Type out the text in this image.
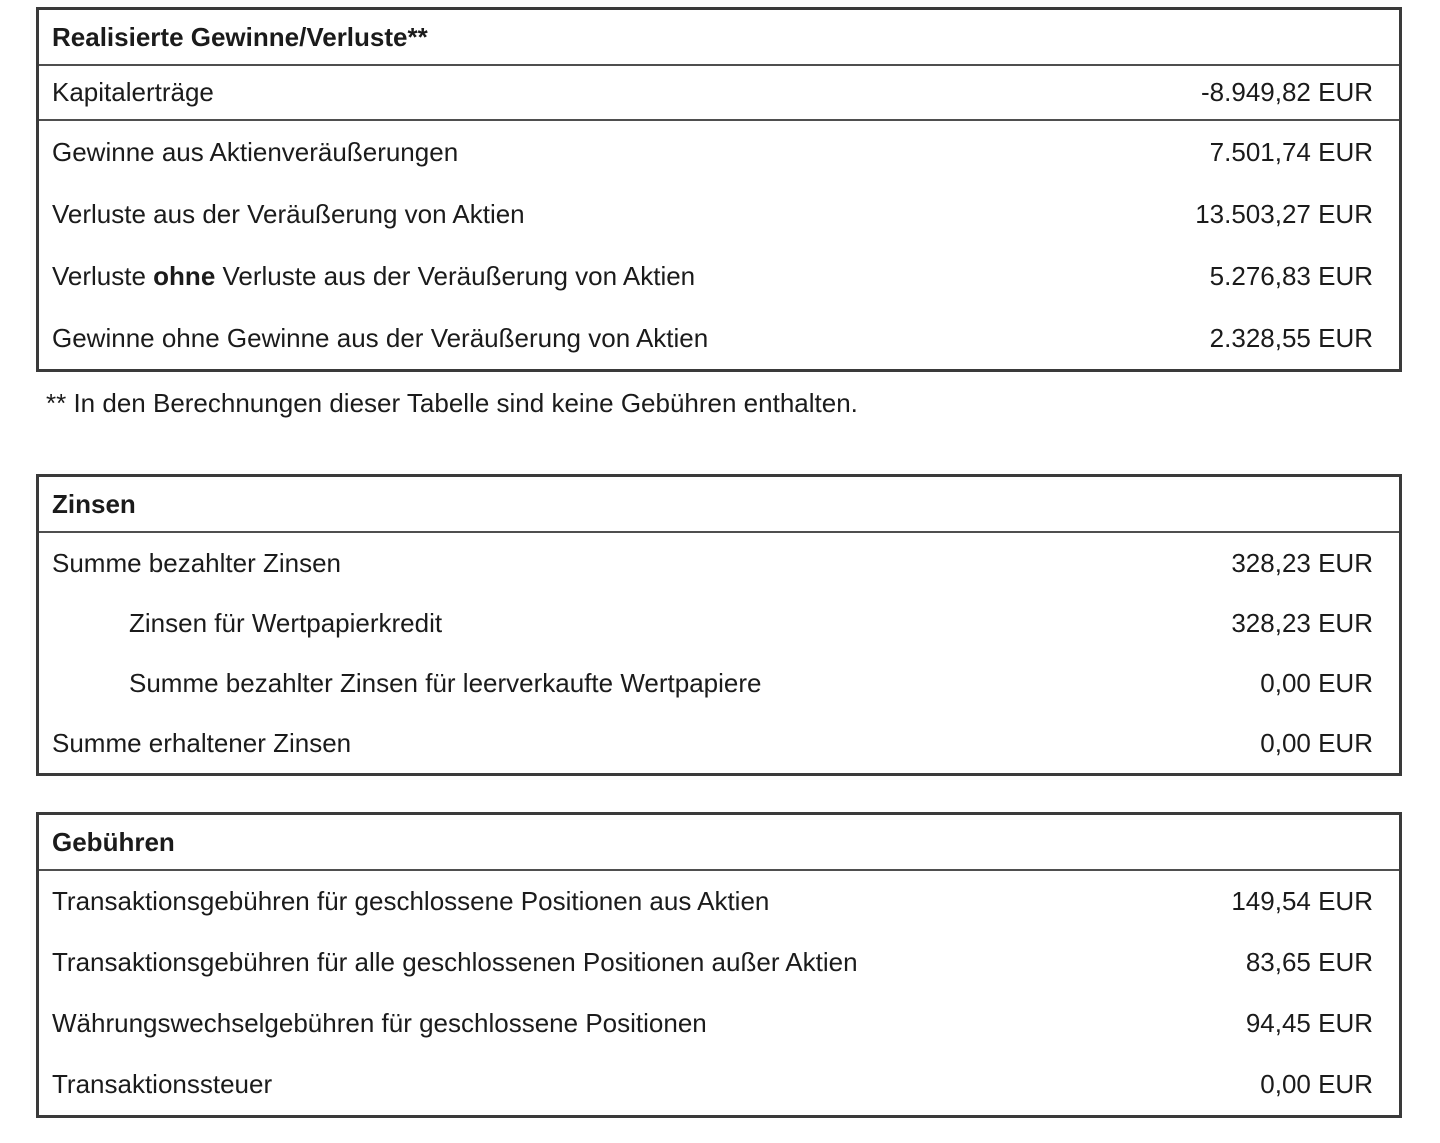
Realisierte Gewinne/Verluste**
Kapitalerträge	-8.949,82 EUR
Gewinne aus Aktienveräußerungen	7.501,74 EUR
Verluste aus der Veräußerung von Aktien	13.503,27 EUR
Verluste ohne Verluste aus der Veräußerung von Aktien	5.276,83 EUR
Gewinne ohne Gewinne aus der Veräußerung von Aktien	2.328,55 EUR

** In den Berechnungen dieser Tabelle sind keine Gebühren enthalten.

Zinsen
Summe bezahlter Zinsen	328,23 EUR
Zinsen für Wertpapierkredit	328,23 EUR
Summe bezahlter Zinsen für leerverkaufte Wertpapiere	0,00 EUR
Summe erhaltener Zinsen	0,00 EUR
Gebühren
Transaktionsgebühren für geschlossene Positionen aus Aktien	149,54 EUR
Transaktionsgebühren für alle geschlossenen Positionen außer Aktien	83,65 EUR
Währungswechselgebühren für geschlossene Positionen	94,45 EUR
Transaktionssteuer	0,00 EUR
